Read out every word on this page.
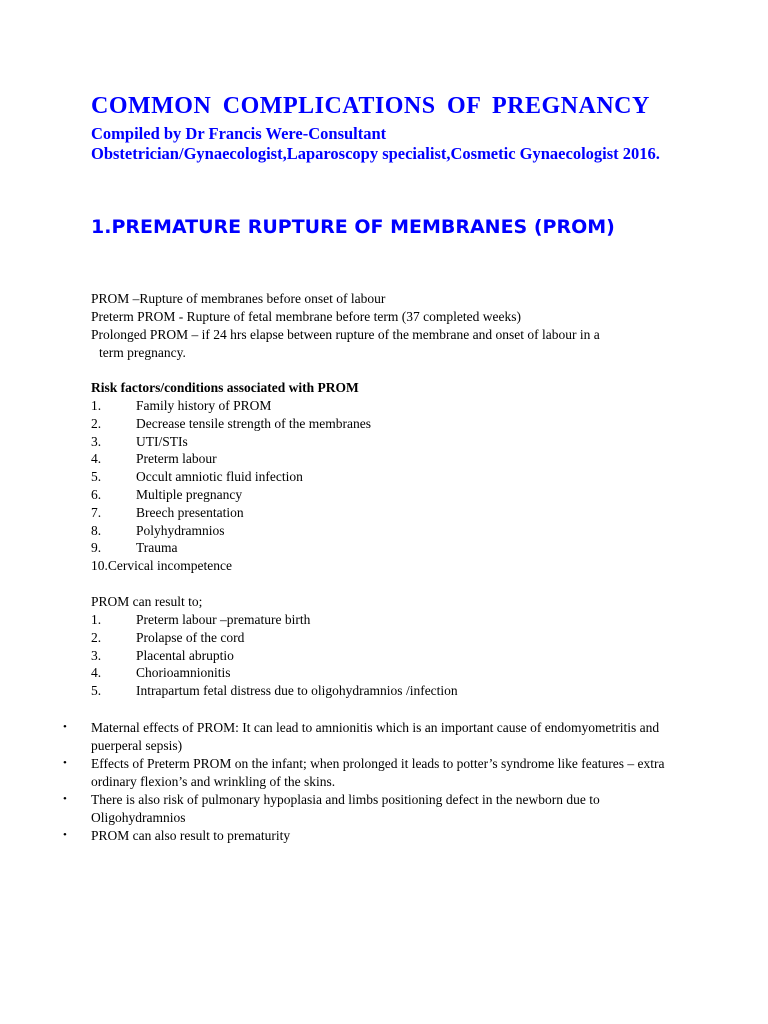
COMMON COMPLICATIONS OF PREGNANCY
Compiled by Dr Francis Were-Consultant Obstetrician/Gynaecologist,Laparoscopy specialist,Cosmetic Gynaecologist 2016.
1.PREMATURE RUPTURE OF MEMBRANES (PROM)
PROM –Rupture of membranes before onset of labour
Preterm PROM - Rupture of fetal membrane before term (37 completed weeks)
Prolonged PROM – if 24 hrs elapse between rupture of the membrane and onset of labour in a
term pregnancy.
Risk factors/conditions associated with PROM
1.	Family history of PROM
2.	Decrease tensile strength of the membranes
3.	UTI/STIs
4.	Preterm labour
5.	Occult amniotic fluid infection
6.	Multiple pregnancy
7.	Breech presentation
8.	Polyhydramnios
9.	Trauma
10.Cervical incompetence
PROM can result to;
1.	Preterm labour –premature birth
2.	Prolapse of the cord
3.	Placental abruptio
4.	Chorioamnionitis
5.	Intrapartum fetal distress due to oligohydramnios /infection
•	Maternal effects of PROM: It can lead to amnionitis which is an important cause of endomyometritis and puerperal sepsis)
•	Effects of Preterm PROM on the infant; when prolonged it leads to potter’s syndrome like features – extra ordinary flexion’s and wrinkling of the skins.
•	There is also risk of pulmonary hypoplasia and limbs positioning defect in the newborn due to Oligohydramnios
•	PROM can also result to prematurity
